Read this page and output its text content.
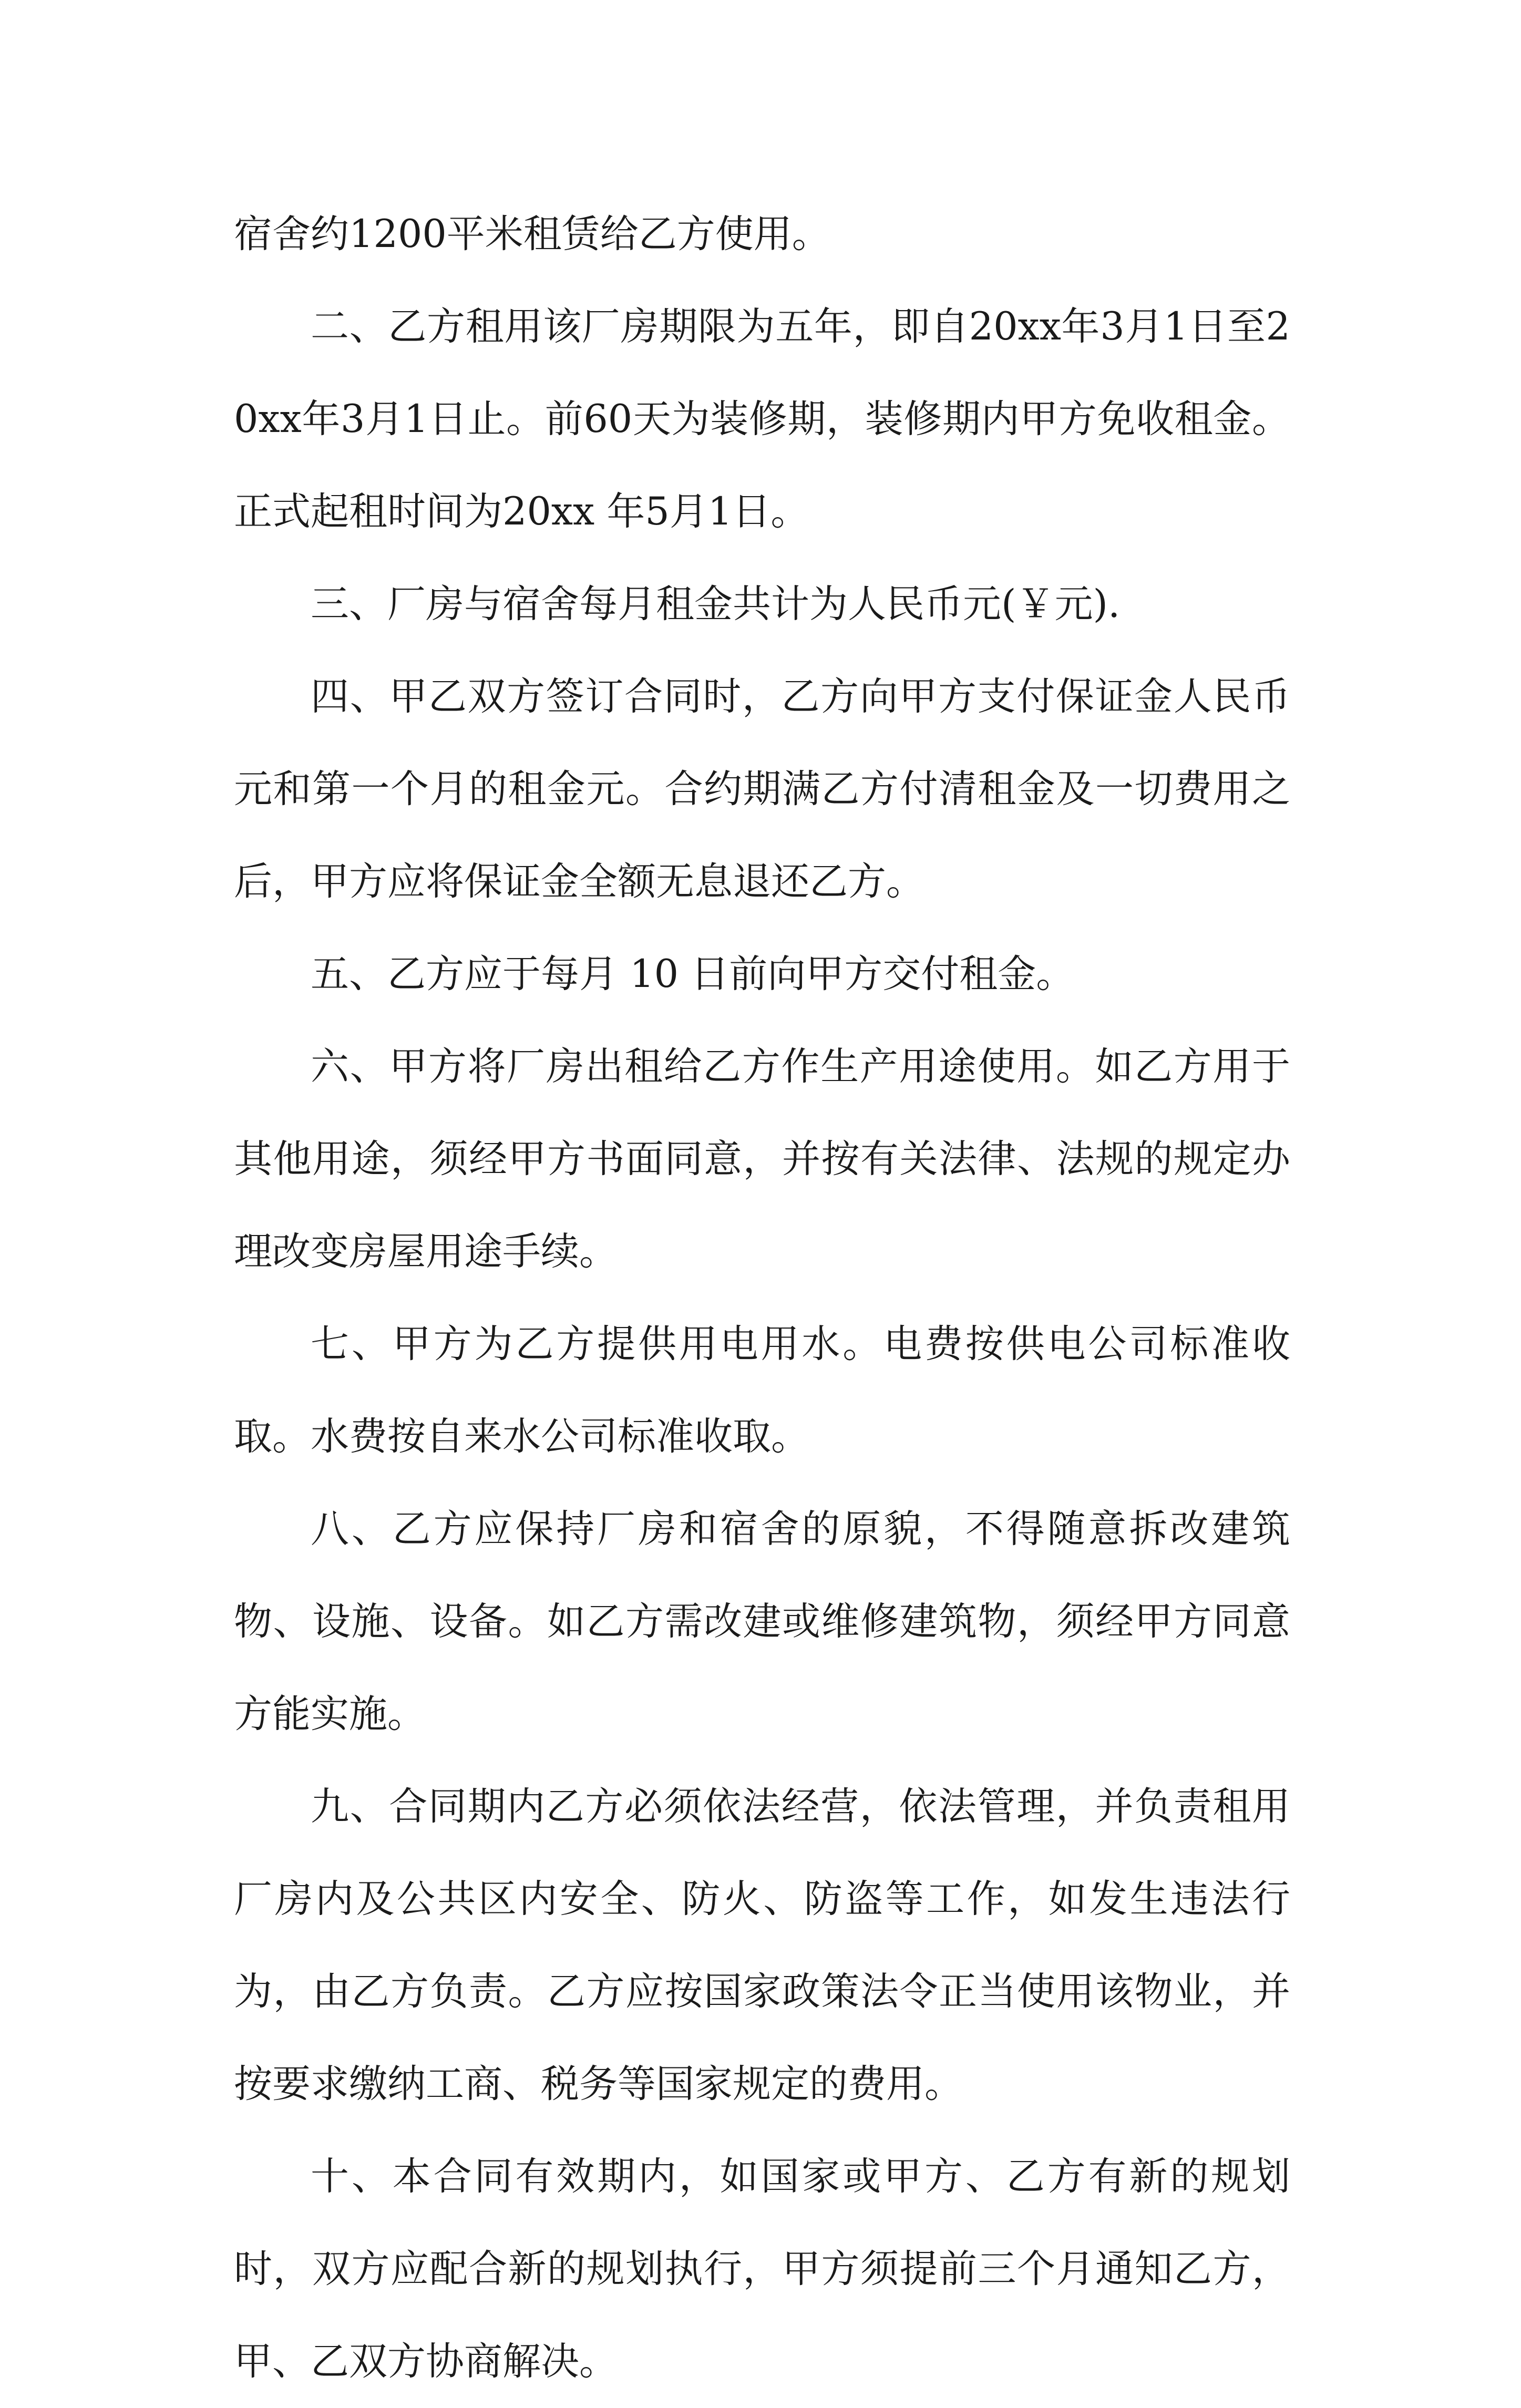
宿舍约1200平米租赁给乙方使用。

二、乙方租用该厂房期限为五年，即自20xx年3月1日至20xx年3月1日止。前60天为装修期，装修期内甲方免收租金。正式起租时间为20xx 年5月1日。

三、厂房与宿舍每月租金共计为人民币元(￥元).

四、甲乙双方签订合同时，乙方向甲方支付保证金人民币元和第一个月的租金元。合约期满乙方付清租金及一切费用之后，甲方应将保证金全额无息退还乙方。

五、乙方应于每月 10 日前向甲方交付租金。

六、甲方将厂房出租给乙方作生产用途使用。如乙方用于其他用途，须经甲方书面同意，并按有关法律、法规的规定办理改变房屋用途手续。

七、甲方为乙方提供用电用水。电费按供电公司标准收取。水费按自来水公司标准收取。

八、乙方应保持厂房和宿舍的原貌，不得随意拆改建筑物、设施、设备。如乙方需改建或维修建筑物，须经甲方同意方能实施。

九、合同期内乙方必须依法经营，依法管理，并负责租用厂房内及公共区内安全、防火、防盗等工作，如发生违法行为，由乙方负责。乙方应按国家政策法令正当使用该物业，并按要求缴纳工商、税务等国家规定的费用。

十、本合同有效期内，如国家或甲方、乙方有新的规划时，双方应配合新的规划执行，甲方须提前三个月通知乙方，甲、乙双方协商解决。
